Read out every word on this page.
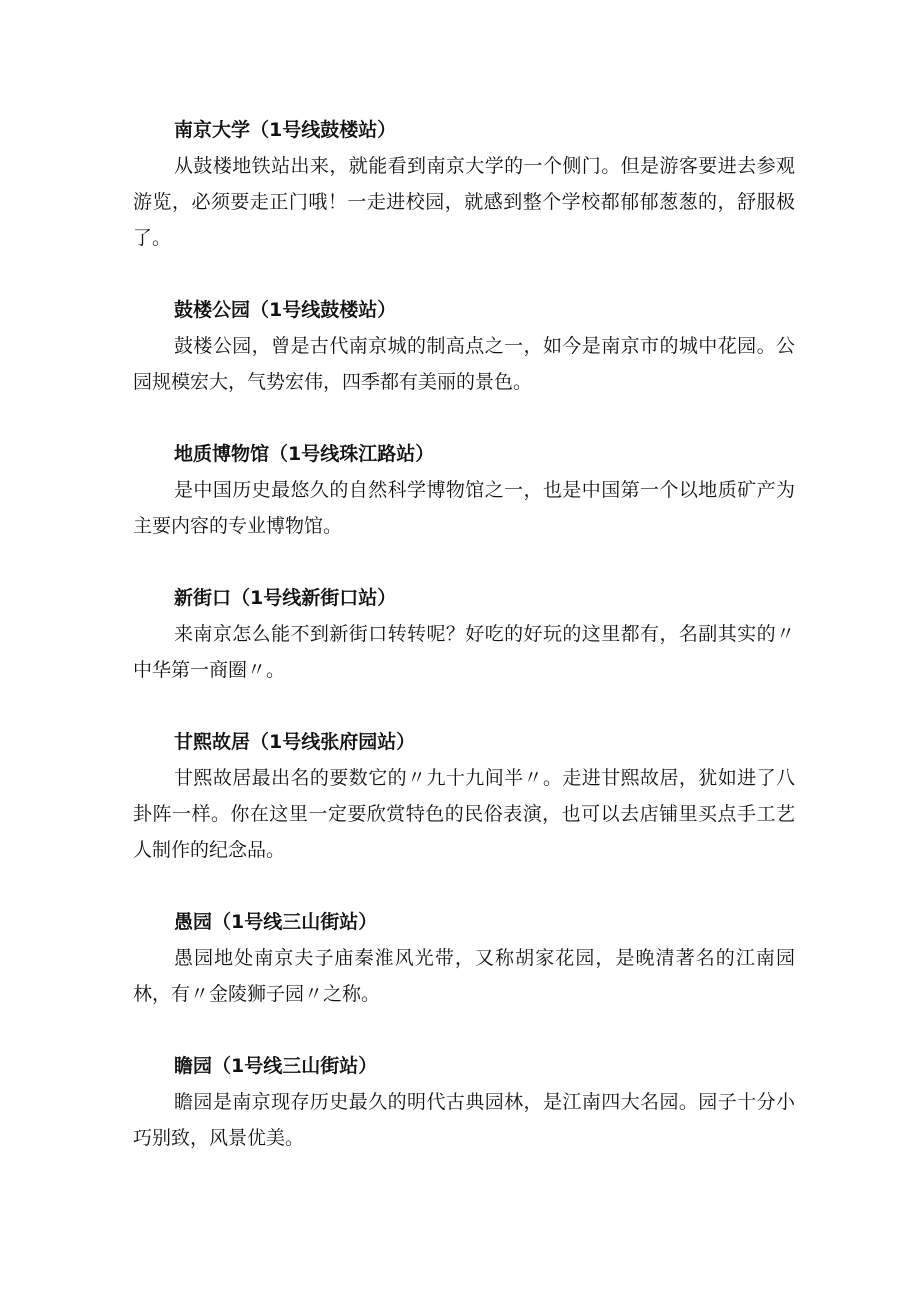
南京大学（1号线鼓楼站）

从鼓楼地铁站出来，就能看到南京大学的一个侧门。但是游客要进去参观游览，必须要走正门哦！一走进校园，就感到整个学校都郁郁葱葱的，舒服极了。

鼓楼公园（1号线鼓楼站）

鼓楼公园，曾是古代南京城的制高点之一，如今是南京市的城中花园。公园规模宏大，气势宏伟，四季都有美丽的景色。

地质博物馆（1号线珠江路站）

是中国历史最悠久的自然科学博物馆之一，也是中国第一个以地质矿产为主要内容的专业博物馆。

新街口（1号线新街口站）

来南京怎么能不到新街口转转呢？好吃的好玩的这里都有，名副其实的〃中华第一商圈〃。

甘熙故居（1号线张府园站）

甘熙故居最出名的要数它的〃九十九间半〃。走进甘熙故居，犹如进了八卦阵一样。你在这里一定要欣赏特色的民俗表演，也可以去店铺里买点手工艺人制作的纪念品。

愚园（1号线三山街站）

愚园地处南京夫子庙秦淮风光带，又称胡家花园，是晚清著名的江南园林，有〃金陵狮子园〃之称。

瞻园（1号线三山街站）

瞻园是南京现存历史最久的明代古典园林，是江南四大名园。园子十分小巧别致，风景优美。
